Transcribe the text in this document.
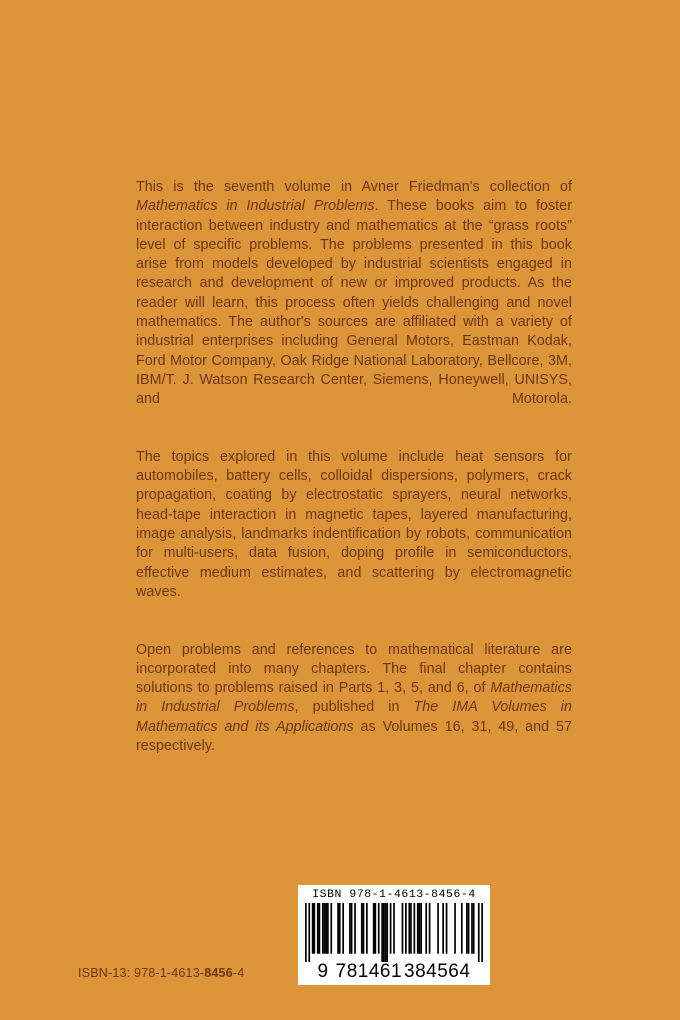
This is the seventh volume in Avner Friedman's collection of Mathematics in Industrial Problems. These books aim to foster interaction between industry and mathematics at the “grass roots” level of specific problems. The problems presented in this book arise from models developed by industrial scientists engaged in research and development of new or improved products. As the reader will learn, this process often yields challenging and novel mathematics. The author's sources are affiliated with a variety of industrial enterprises including General Motors, Eastman Kodak, Ford Motor Company, Oak Ridge National Laboratory, Bellcore, 3M, IBM/T. J. Watson Research Center, Siemens, Honeywell, UNISYS, and Motorola.

The topics explored in this volume include heat sensors for automobiles, battery cells, colloidal dispersions, polymers, crack propagation, coating by electrostatic sprayers, neural networks, head-tape interaction in magnetic tapes, layered manufacturing, image analysis, landmarks indentification by robots, communication for multi-users, data fusion, doping profile in semiconductors, effective medium estimates, and scattering by electromagnetic waves.

Open problems and references to mathematical literature are incorporated into many chapters. The final chapter contains solutions to problems raised in Parts 1, 3, 5, and 6, of Mathematics in Industrial Problems, published in The IMA Volumes in Mathematics and its Applications as Volumes 16, 31, 49, and 57 respectively.

ISBN 978-1-4613-8456-4
9 781461 384564
ISBN-13: 978-1-4613-8456-4
